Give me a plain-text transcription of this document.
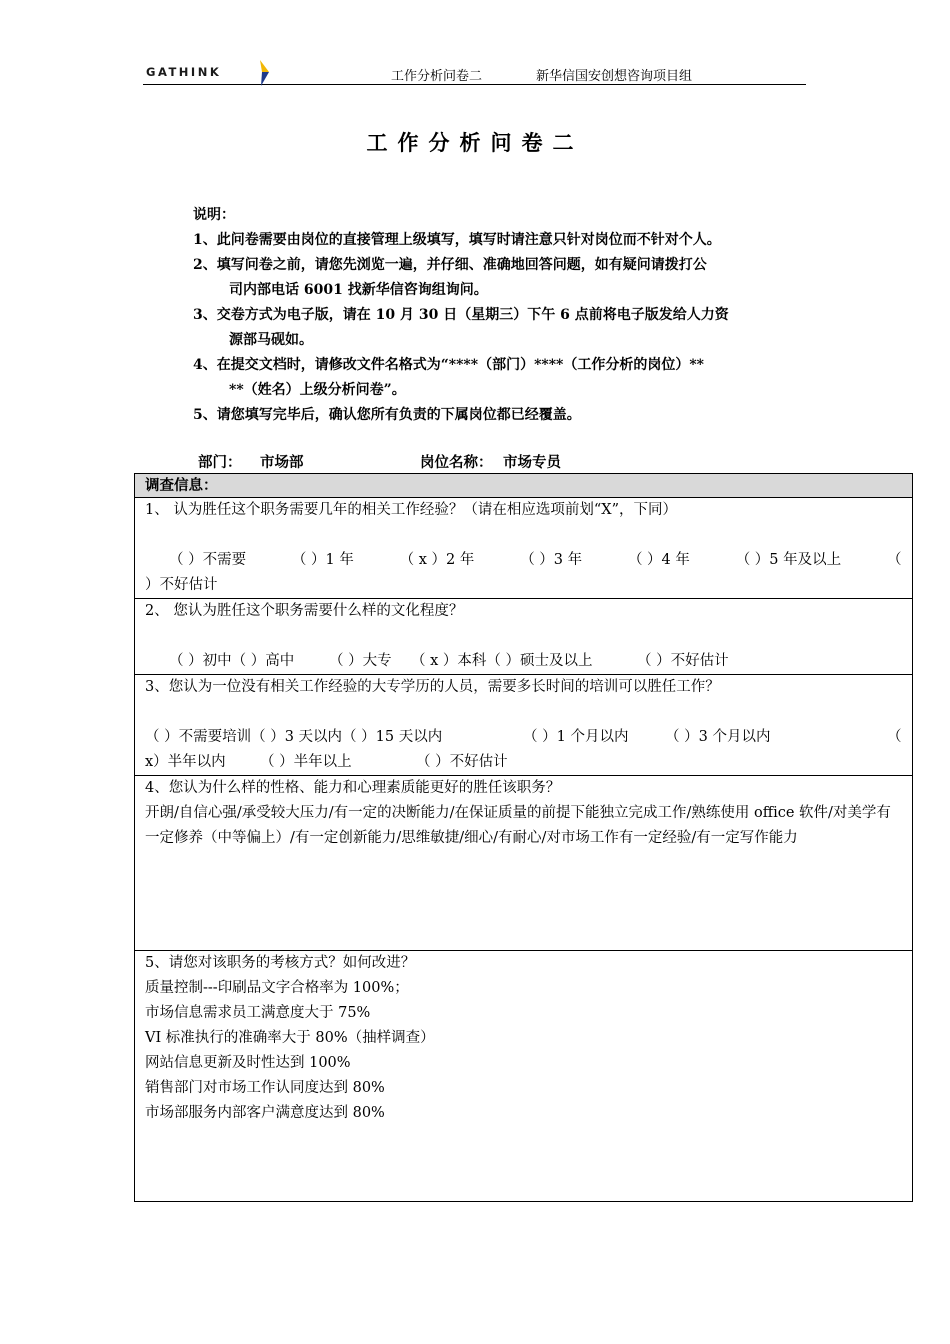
GATHINK	工作分析问卷二	新华信国安创想咨询项目组
工作分析问卷二

说明：

1、此问卷需要由岗位的直接管理上级填写，填写时请注意只针对岗位而不针对个人。

2、填写问卷之前，请您先浏览一遍，并仔细、准确地回答问题，如有疑问请拨打公

司内部电话 6001 找新华信咨询组询问。

3、交卷方式为电子版，请在 10 月 30 日（星期三）下午 6 点前将电子版发给人力资

源部马砚如。

4、在提交文档时，请修改文件名格式为“****（部门）****（工作分析的岗位）**

**（姓名）上级分析问卷”。

5、请您填写完毕后，确认您所有负责的下属岗位都已经覆盖。

部门： 市场部	岗位名称： 市场专员
调查信息：

1、 认为胜任这个职务需要几年的相关工作经验？（请在相应选项前划“X”，下同）

（ ）不需要	（ ）1 年	（ x ）2 年	（ ）3 年	（ ）4 年	（ ）5 年及以上	（

）不好估计

2、 您认为胜任这个职务需要什么样的文化程度？

（ ）初中（ ）高中	（ ）大专	（ x ）本科（ ）硕士及以上	（ ）不好估计

3、您认为一位没有相关工作经验的大专学历的人员，需要多长时间的培训可以胜任工作？

（ ）不需要培训（ ）3 天以内（ ）15 天以内	（ ）1 个月以内	（ ）3 个月以内	（
x）半年以内	（ ）半年以上	（ ）不好估计

4、您认为什么样的性格、能力和心理素质能更好的胜任该职务？

开朗/自信心强/承受较大压力/有一定的决断能力/在保证质量的前提下能独立完成工作/熟练使用 office 软件/对美学有一定修养（中等偏上）/有一定创新能力/思维敏捷/细心/有耐心/对市场工作有一定经验/有一定写作能力

5、请您对该职务的考核方式？如何改进？

质量控制---印刷品文字合格率为 100%；

市场信息需求员工满意度大于 75%

VI 标准执行的准确率大于 80%（抽样调查）

网站信息更新及时性达到 100%

销售部门对市场工作认同度达到 80%

市场部服务内部客户满意度达到 80%
